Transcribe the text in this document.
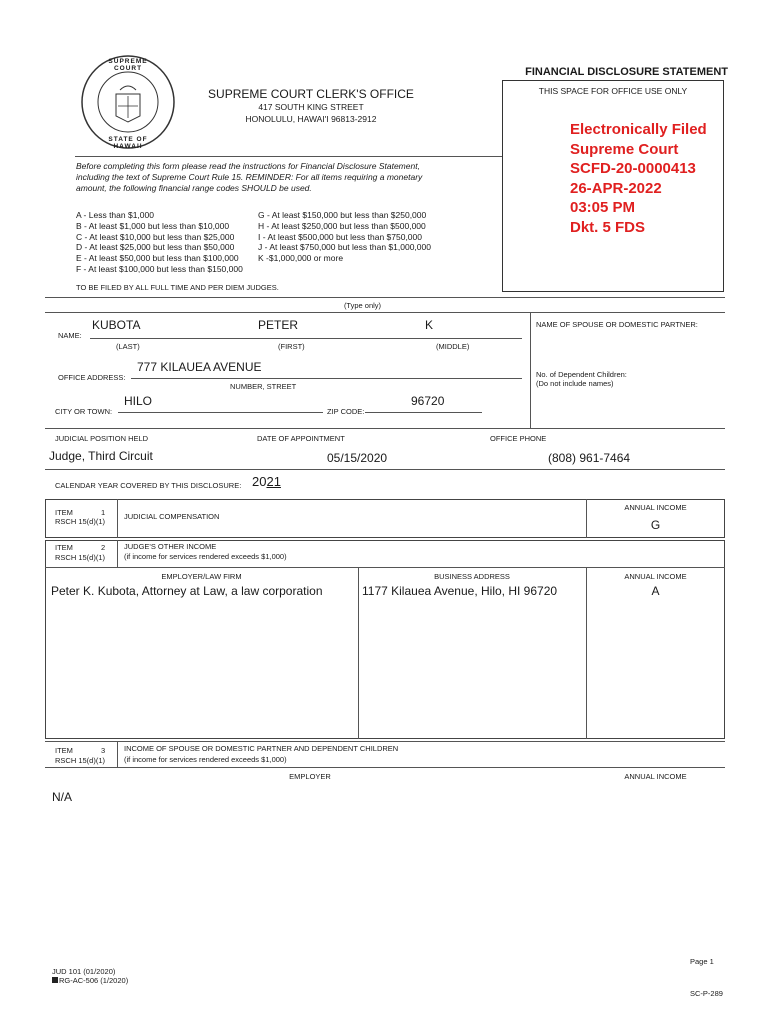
SUPREME COURT
STATE OF HAWAII
FINANCIAL DISCLOSURE STATEMENT
SUPREME COURT CLERK'S OFFICE
417 SOUTH KING STREET
HONOLULU, HAWAI'I 96813-2912
THIS SPACE FOR OFFICE USE ONLY
Electronically Filed
Supreme Court
SCFD-20-0000413
26-APR-2022
03:05 PM
Dkt. 5 FDS
Before completing this form please read the instructions for Financial Disclosure Statement,
including the text of Supreme Court Rule 15. REMINDER: For all items requiring a monetary
amount, the following financial range codes SHOULD be used.
A - Less than $1,000
B - At least $1,000 but less than $10,000
C - At least $10,000 but less than $25,000
D - At least $25,000 but less than $50,000
E - At least $50,000 but less than $100,000
F - At least $100,000 but less than $150,000
G - At least $150,000 but less than $250,000
H - At least $250,000 but less than $500,000
I - At least $500,000 but less than $750,000
J - At least $750,000 but less than $1,000,000
K -$1,000,000 or more
TO BE FILED BY ALL FULL TIME AND PER DIEM JUDGES.
(Type only)
NAME:
KUBOTA	PETER	K
(LAST)	(FIRST)	(MIDDLE)
OFFICE ADDRESS:
777 KILAUEA AVENUE
NUMBER, STREET
CITY OR TOWN:
HILO
ZIP CODE:
96720
NAME OF SPOUSE OR DOMESTIC PARTNER:
No. of Dependent Children:
(Do not include names)
JUDICIAL POSITION HELD	DATE OF APPOINTMENT	OFFICE PHONE
Judge, Third Circuit	05/15/2020	(808) 961-7464
CALENDAR YEAR COVERED BY THIS DISCLOSURE: 2021
ITEM	1
RSCH 15(d)(1)
JUDICIAL COMPENSATION
ANNUAL INCOME
G
ITEM	2
RSCH 15(d)(1)
JUDGE'S OTHER INCOME
(if income for services rendered exceeds $1,000)
EMPLOYER/LAW FIRM	BUSINESS ADDRESS	ANNUAL INCOME
Peter K. Kubota, Attorney at Law, a law corporation	1177 Kilauea Avenue, Hilo, HI 96720	A
ITEM	3
RSCH 15(d)(1)
INCOME OF SPOUSE OR DOMESTIC PARTNER AND DEPENDENT CHILDREN
(if income for services rendered exceeds $1,000)
EMPLOYER	ANNUAL INCOME
N/A
Page 1
JUD 101 (01/2020)
RG-AC-506 (1/2020)
SC-P-289
